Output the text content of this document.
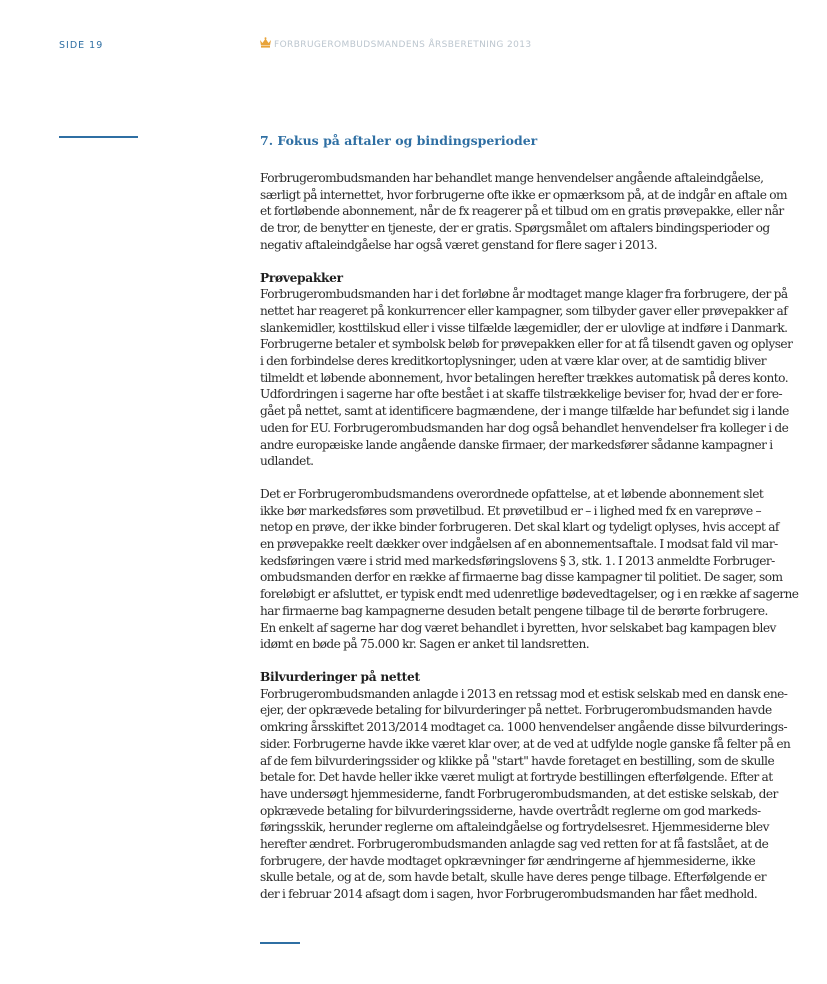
SIDE 19	FORBRUGEROMBUDSMANDENS ÅRSBERETNING 2013
7. Fokus på aftaler og bindingsperioder
Forbrugerombudsmanden har behandlet mange henvendelser angående aftaleindgåelse,
særligt på internettet, hvor forbrugerne ofte ikke er opmærksom på, at de indgår en aftale om
et fortløbende abonnement, når de fx reagerer på et tilbud om en gratis prøvepakke, eller når
de tror, de benytter en tjeneste, der er gratis. Spørgsmålet om aftalers bindingsperioder og
negativ aftaleindgåelse har også været genstand for flere sager i 2013.
Prøvepakker
Forbrugerombudsmanden har i det forløbne år modtaget mange klager fra forbrugere, der på
nettet har reageret på konkurrencer eller kampagner, som tilbyder gaver eller prøvepakker af
slankemidler, kosttilskud eller i visse tilfælde lægemidler, der er ulovlige at indføre i Danmark.
Forbrugerne betaler et symbolsk beløb for prøvepakken eller for at få tilsendt gaven og oplyser
i den forbindelse deres kreditkortoplysninger, uden at være klar over, at de samtidig bliver
tilmeldt et løbende abonnement, hvor betalingen herefter trækkes automatisk på deres konto.
Udfordringen i sagerne har ofte bestået i at skaffe tilstrækkelige beviser for, hvad der er fore-
gået på nettet, samt at identificere bagmændene, der i mange tilfælde har befundet sig i lande
uden for EU. Forbrugerombudsmanden har dog også behandlet henvendelser fra kolleger i de
andre europæiske lande angående danske firmaer, der markedsfører sådanne kampagner i
udlandet.
Det er Forbrugerombudsmandens overordnede opfattelse, at et løbende abonnement slet
ikke bør markedsføres som prøvetilbud. Et prøvetilbud er – i lighed med fx en vareprøve –
netop en prøve, der ikke binder forbrugeren. Det skal klart og tydeligt oplyses, hvis accept af
en prøvepakke reelt dækker over indgåelsen af en abonnementsaftale. I modsat fald vil mar-
kedsføringen være i strid med markedsføringslovens § 3, stk. 1. I 2013 anmeldte Forbruger-
ombudsmanden derfor en række af firmaerne bag disse kampagner til politiet. De sager, som
foreløbigt er afsluttet, er typisk endt med udenretlige bødevedtagelser, og i en række af sagerne
har firmaerne bag kampagnerne desuden betalt pengene tilbage til de berørte forbrugere.
En enkelt af sagerne har dog været behandlet i byretten, hvor selskabet bag kampagen blev
idømt en bøde på 75.000 kr. Sagen er anket til landsretten.
Bilvurderinger på nettet
Forbrugerombudsmanden anlagde i 2013 en retssag mod et estisk selskab med en dansk ene-
ejer, der opkrævede betaling for bilvurderinger på nettet. Forbrugerombudsmanden havde
omkring årsskiftet 2013/2014 modtaget ca. 1000 henvendelser angående disse bilvurderings-
sider. Forbrugerne havde ikke været klar over, at de ved at udfylde nogle ganske få felter på en
af de fem bilvurderingssider og klikke på "start" havde foretaget en bestilling, som de skulle
betale for. Det havde heller ikke været muligt at fortryde bestillingen efterfølgende. Efter at
have undersøgt hjemmesiderne, fandt Forbrugerombudsmanden, at det estiske selskab, der
opkrævede betaling for bilvurderingssiderne, havde overtrådt reglerne om god markeds-
føringsskik, herunder reglerne om aftaleindgåelse og fortrydelsesret. Hjemmesiderne blev
herefter ændret. Forbrugerombudsmanden anlagde sag ved retten for at få fastslået, at de
forbrugere, der havde modtaget opkrævninger før ændringerne af hjemmesiderne, ikke
skulle betale, og at de, som havde betalt, skulle have deres penge tilbage. Efterfølgende er
der i februar 2014 afsagt dom i sagen, hvor Forbrugerombudsmanden har fået medhold.
